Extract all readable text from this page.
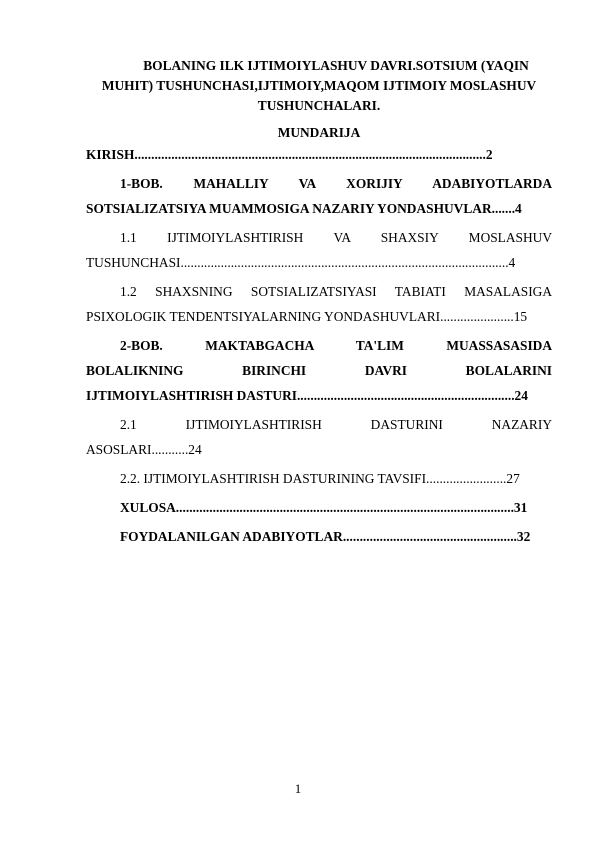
BOLANING ILK IJTIMOIYLASHUV DAVRI.SOTSIUM (YAQIN
MUHIT) TUSHUNCHASI,IJTIMOIY,MAQOM IJTIMOIY MOSLASHUV
TUSHUNCHALARI.

MUNDARIJA

KIRISH.........................................................................................................2

1-BOB. MAHALLIY VA XORIJIY ADABIYOTLARDA

SOTSIALIZATSIYA MUAMMOSIGA NAZARIY YONDASHUVLAR.......4

1.1 IJTIMOIYLASHTIRISH VA SHAXSIY MOSLASHUV

TUSHUNCHASI..................................................................................................4

1.2 SHAXSNING SOTSIALIZATSIYASI TABIATI MASALASIGA

PSIXOLOGIK TENDENTSIYALARNING YONDASHUVLARI......................15

2-BOB. MAKTABGACHA TA'LIM MUASSASASIDA

BOLALIKNING BIRINCHI DAVRI BOLALARINI

IJTIMOIYLASHTIRISH DASTURI.................................................................24

2.1 IJTIMOIYLASHTIRISH DASTURINI NAZARIY

ASOSLARI...........24

2.2. IJTIMOIYLASHTIRISH DASTURINING TAVSIFI........................27

XULOSA.....................................................................................................31

FOYDALANILGAN ADABIYOTLAR....................................................32

1
